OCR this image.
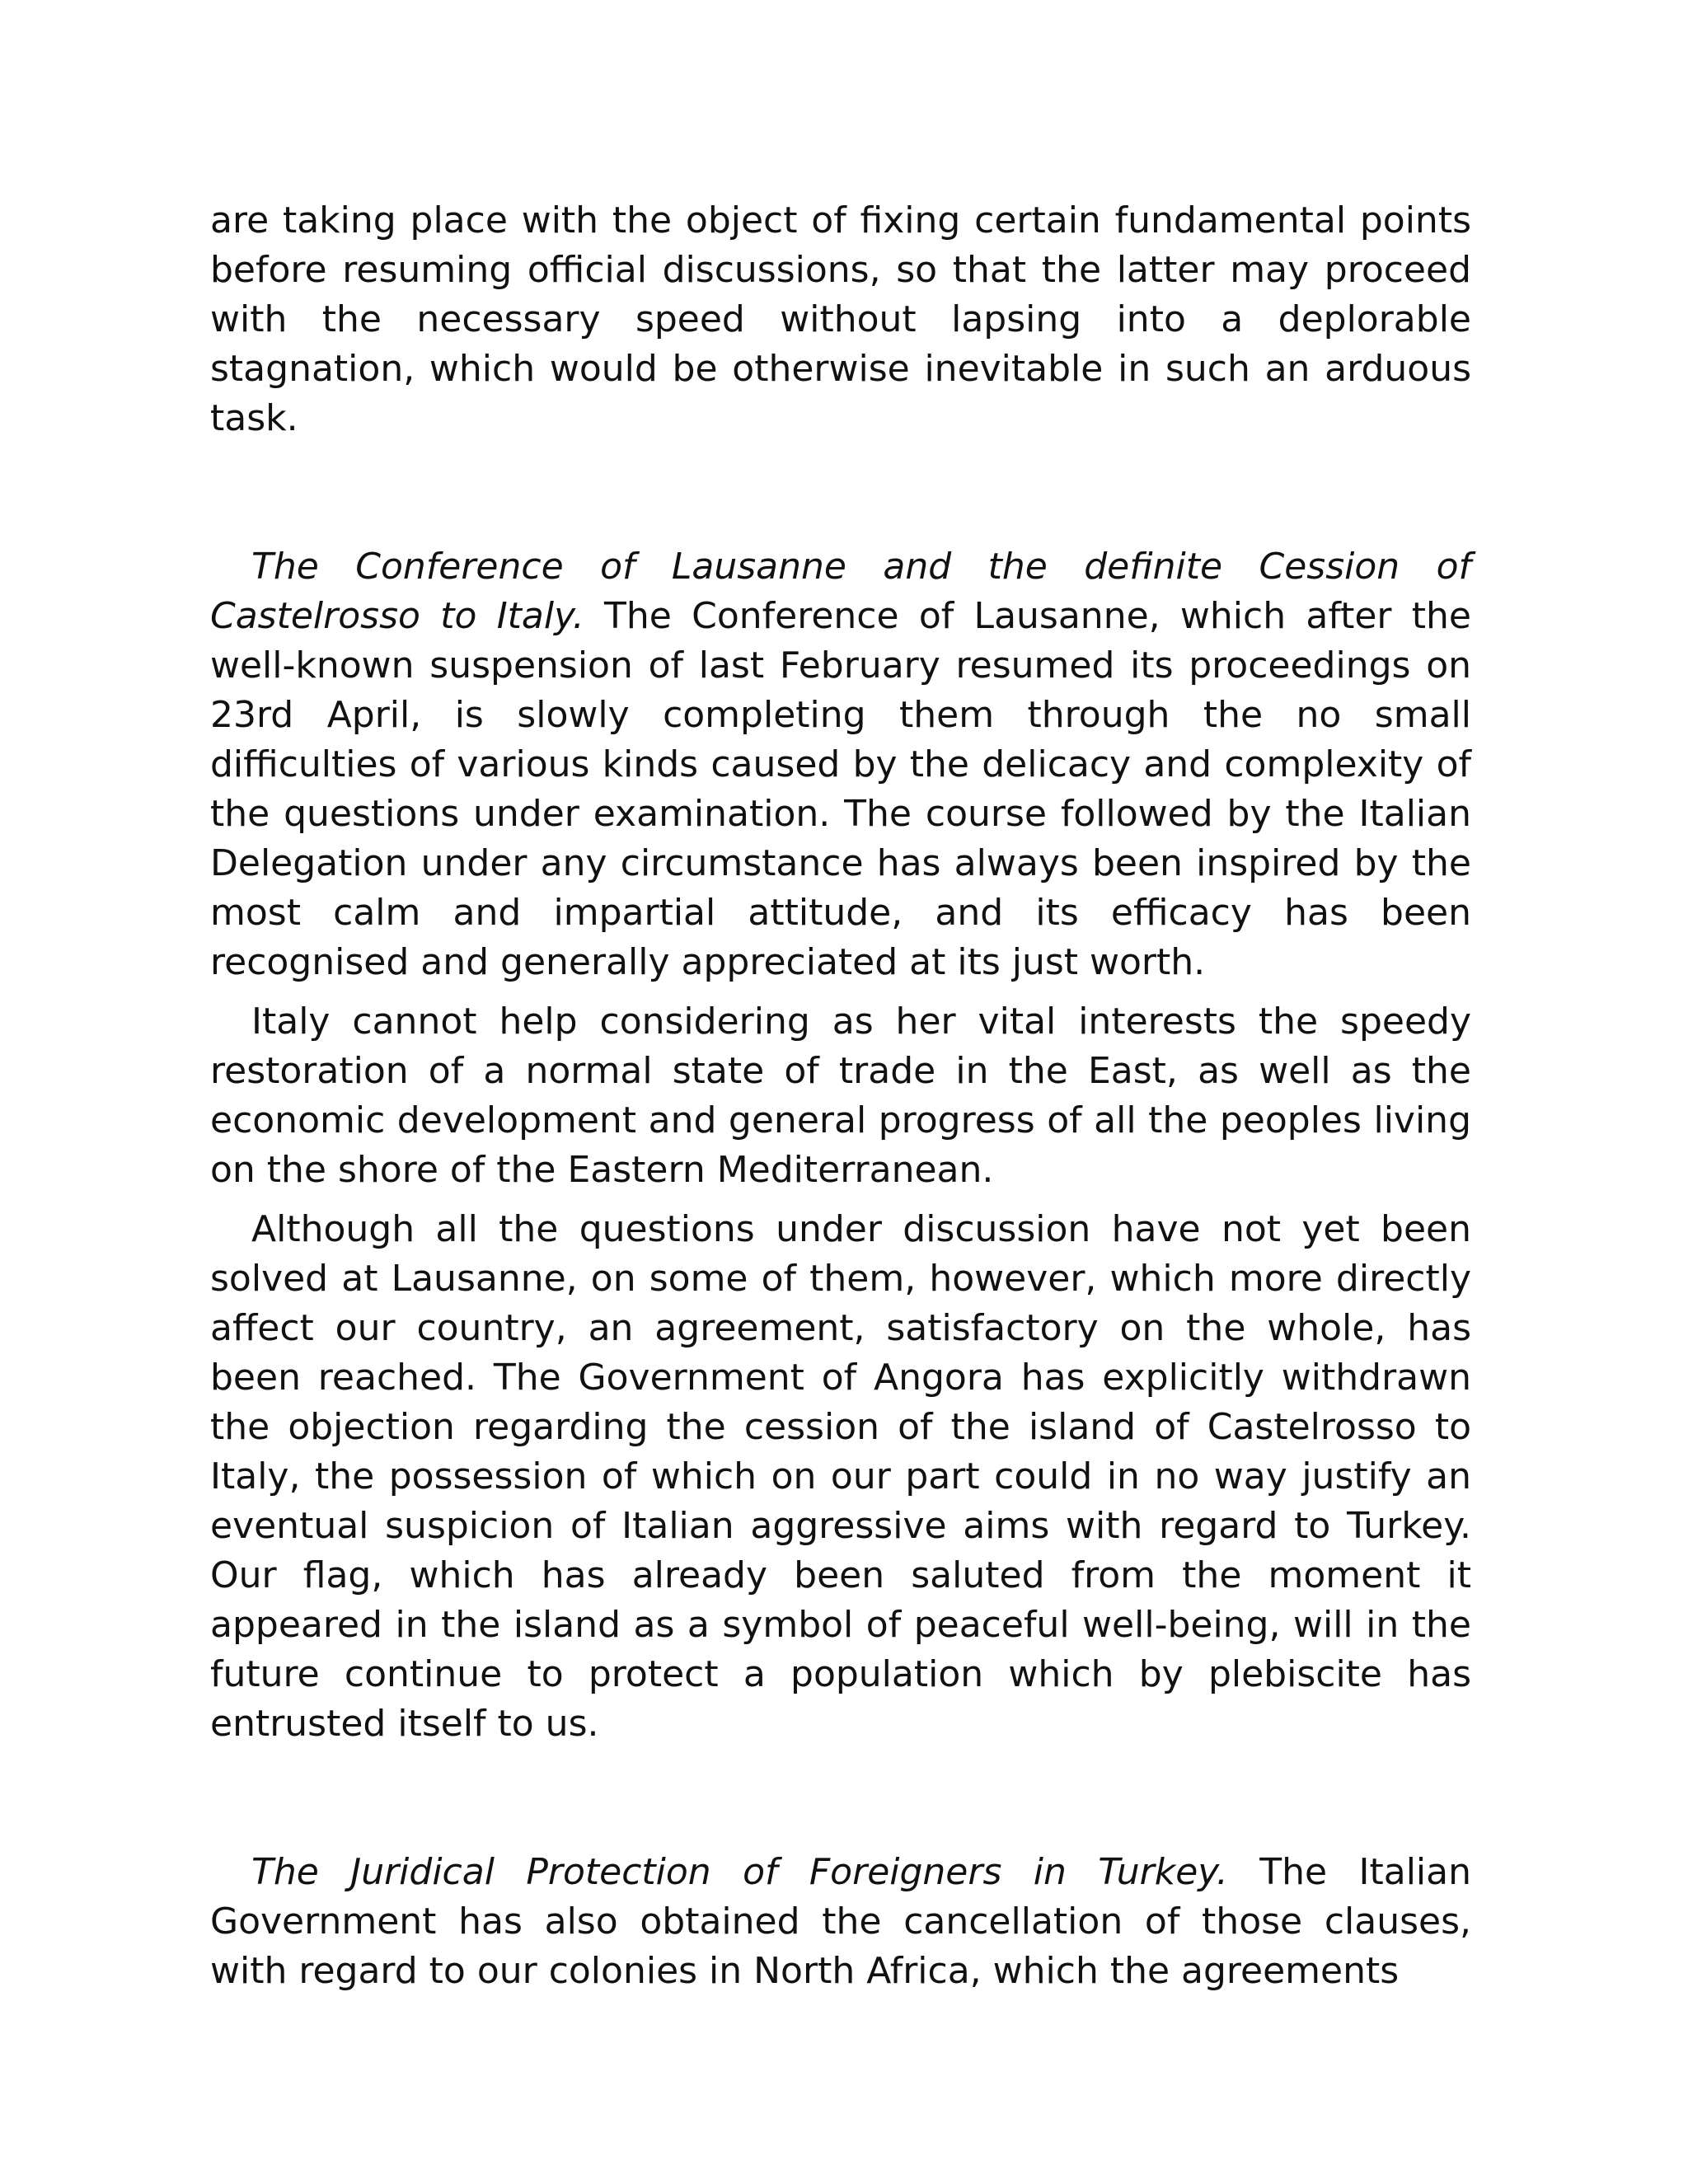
are taking place with the object of fixing certain fundamental points before resuming official discussions, so that the latter may proceed with the necessary speed without lapsing into a deplorable stagnation, which would be otherwise inevitable in such an arduous task.

The Conference of Lausanne and the definite Cession of Castelrosso to Italy. The Conference of Lausanne, which after the well-known suspension of last February resumed its proceedings on 23rd April, is slowly completing them through the no small difficulties of various kinds caused by the delicacy and complexity of the questions under examination. The course followed by the Italian Delegation under any circumstance has always been inspired by the most calm and impartial attitude, and its efficacy has been recognised and generally appreciated at its just worth.

Italy cannot help considering as her vital interests the speedy restoration of a normal state of trade in the East, as well as the economic development and general progress of all the peoples living on the shore of the Eastern Mediterranean.

Although all the questions under discussion have not yet been solved at Lausanne, on some of them, however, which more directly affect our country, an agreement, satisfactory on the whole, has been reached. The Government of Angora has explicitly withdrawn the objection regarding the cession of the island of Castelrosso to Italy, the possession of which on our part could in no way justify an eventual suspicion of Italian aggressive aims with regard to Turkey. Our flag, which has already been saluted from the moment it appeared in the island as a symbol of peaceful well-being, will in the future continue to protect a population which by plebiscite has entrusted itself to us.

The Juridical Protection of Foreigners in Turkey. The Italian Government has also obtained the cancellation of those clauses, with regard to our colonies in North Africa, which the agreements
